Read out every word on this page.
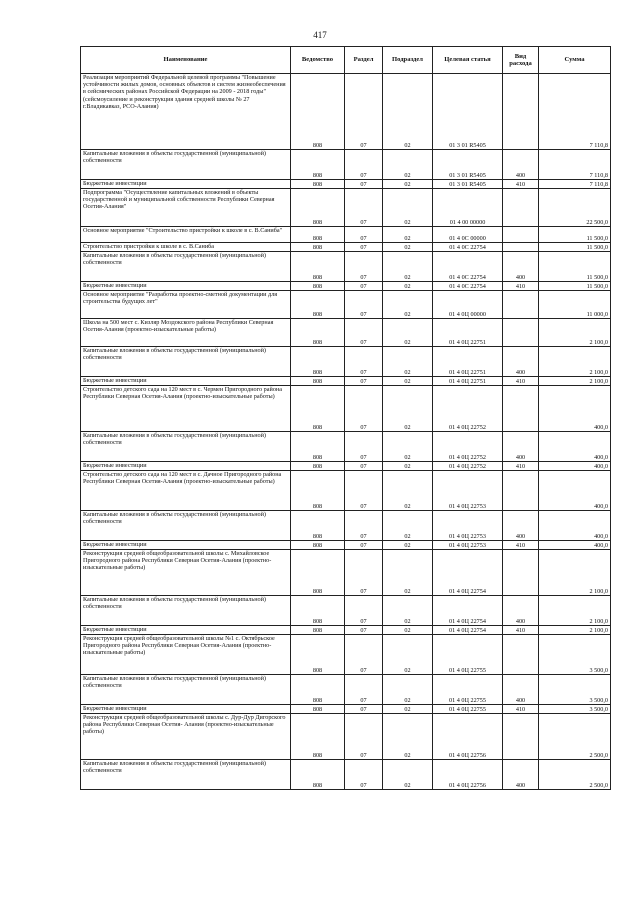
417
Наименование	Ведомство	Раздел	Подраздел	Целевая статья	Вид расхода	Сумма
Реализация мероприятий Федеральной целевой программы "Повышение устойчивости жилых домов, основных объектов и систем жизнеобеспечения в сейсмических районах Российской Федерации на 2009 - 2018 годы" (сейсмоусиление и реконструкция здания средней школы № 27 г.Владикавказ, РСО-Алания)	808	07	02	01 3 01 R5405		7 110,8
Капитальные вложения в объекты государственной (муниципальной) собственности	808	07	02	01 3 01 R5405	400	7 110,8
Бюджетные инвестиции	808	07	02	01 3 01 R5405	410	7 110,8
Подпрограмма "Осуществление капитальных вложений в объекты государственной и муниципальной собственности Республики Северная Осетия-Алания"	808	07	02	01 4 00 00000		22 500,0
Основное мероприятие "Строительство пристройки к школе в с. В.Саниба"	808	07	02	01 4 0С 00000		11 500,0
Строительство пристройки к школе в с. В.Саниба	808	07	02	01 4 0С 22754		11 500,0
Капитальные вложения в объекты государственной (муниципальной) собственности	808	07	02	01 4 0С 22754	400	11 500,0
Бюджетные инвестиции	808	07	02	01 4 0С 22754	410	11 500,0
Основное мероприятие "Разработка проектно-сметной документации для строительства будущих лет"	808	07	02	01 4 0Ц 00000		11 000,0
Школа на 500 мест с. Кизляр Моздокского района Республики Северная Осетия-Алания (проектно-изыскательные работы)	808	07	02	01 4 0Ц 22751		2 100,0
Капитальные вложения в объекты государственной (муниципальной) собственности	808	07	02	01 4 0Ц 22751	400	2 100,0
Бюджетные инвестиции	808	07	02	01 4 0Ц 22751	410	2 100,0
Строительство детского сада на 120 мест в с. Чермен Пригородного района Республики Северная Осетия-Алания (проектно-изыскательные работы)	808	07	02	01 4 0Ц 22752		400,0
Капитальные вложения в объекты государственной (муниципальной) собственности	808	07	02	01 4 0Ц 22752	400	400,0
Бюджетные инвестиции	808	07	02	01 4 0Ц 22752	410	400,0
Строительство детского сада на 120 мест в с. Дачное Пригородного района Республики Северная Осетия-Алания (проектно-изыскательные работы)	808	07	02	01 4 0Ц 22753		400,0
Капитальные вложения в объекты государственной (муниципальной) собственности	808	07	02	01 4 0Ц 22753	400	400,0
Бюджетные инвестиции	808	07	02	01 4 0Ц 22753	410	400,0
Реконструкция средней общеобразовательной школы с. Михайловское Пригородного района Республики Северная Осетия-Алания (проектно-изыскательные работы)	808	07	02	01 4 0Ц 22754		2 100,0
Капитальные вложения в объекты государственной (муниципальной) собственности	808	07	02	01 4 0Ц 22754	400	2 100,0
Бюджетные инвестиции	808	07	02	01 4 0Ц 22754	410	2 100,0
Реконструкция средней общеобразовательной школы №1 с. Октябрьское Пригородного района Республики Северная Осетия-Алания (проектно-изыскательные работы)	808	07	02	01 4 0Ц 22755		3 500,0
Капитальные вложения в объекты государственной (муниципальной) собственности	808	07	02	01 4 0Ц 22755	400	3 500,0
Бюджетные инвестиции	808	07	02	01 4 0Ц 22755	410	3 500,0
Реконструкция средней общеобразовательной школы с. Дур-Дур Дигорского района Республики Северная Осетия- Алания (проектно-изыскательные работы)	808	07	02	01 4 0Ц 22756		2 500,0
Капитальные вложения в объекты государственной (муниципальной) собственности	808	07	02	01 4 0Ц 22756	400	2 500,0
